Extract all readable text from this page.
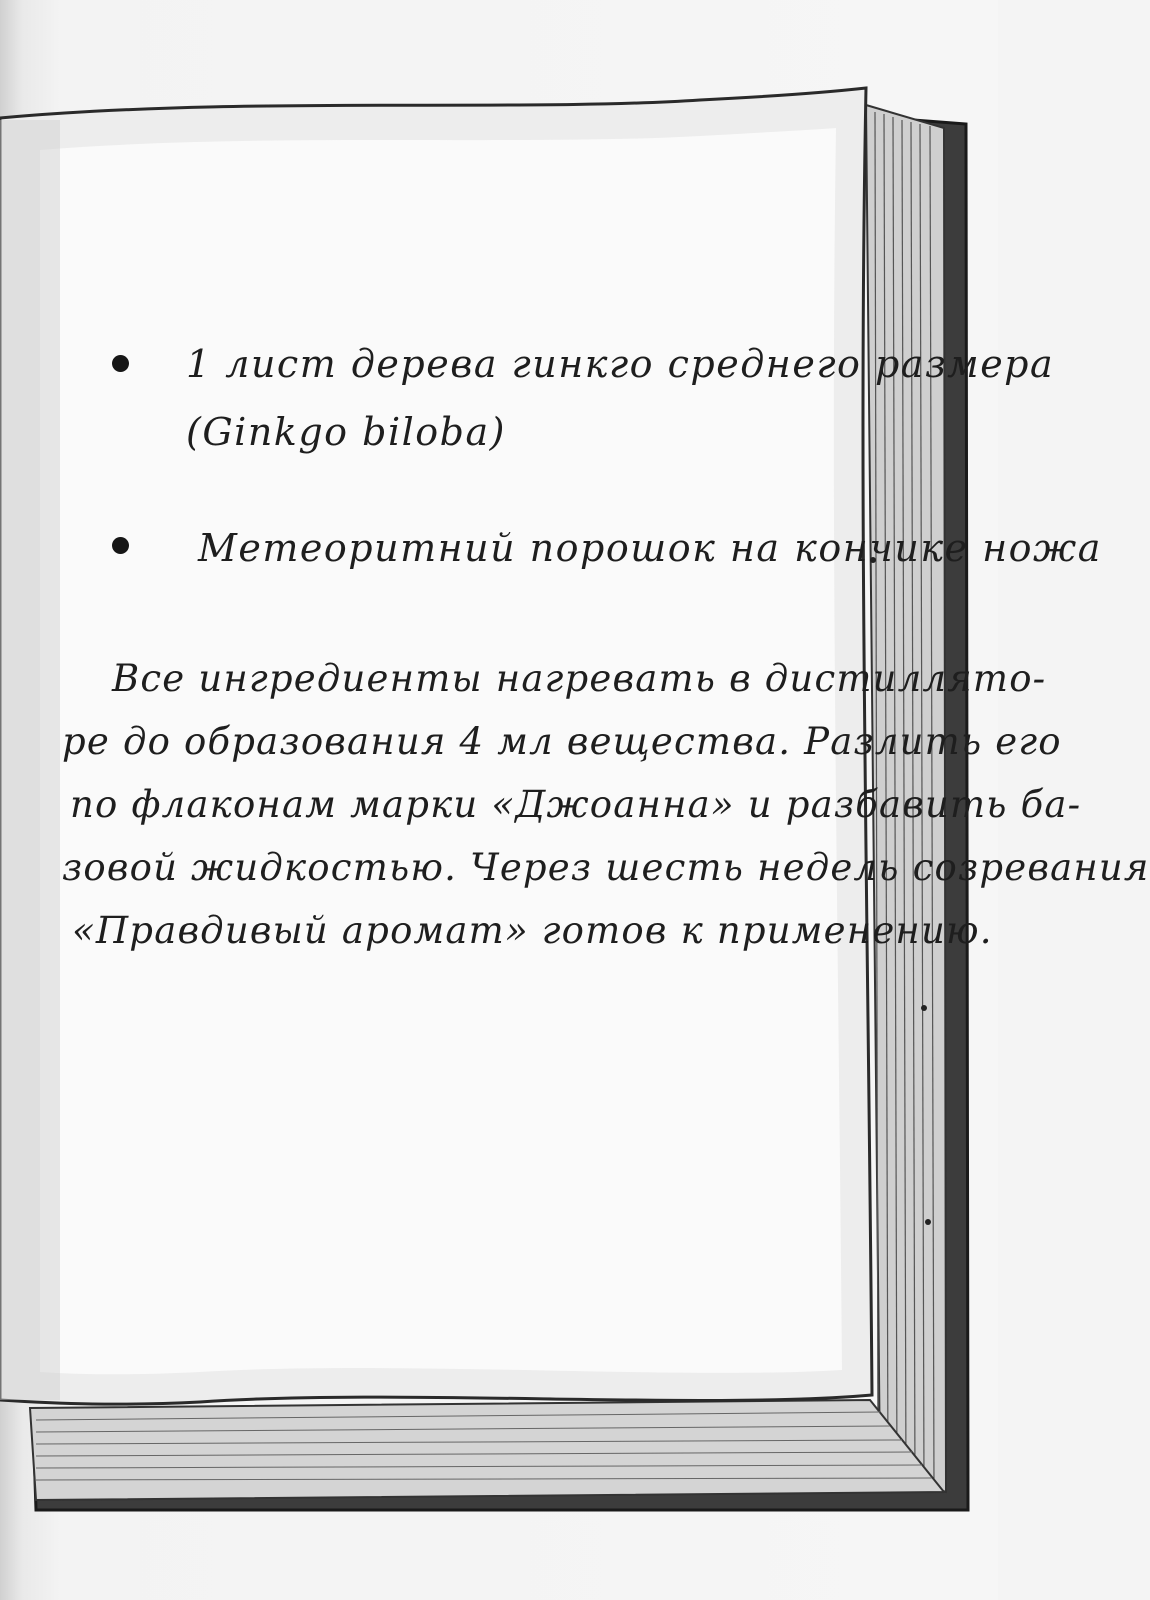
1 лист дерева гинкго среднего размера
(Ginkgo biloba)
Метеоритний порошок на кончике ножа
Все ингредиенты нагревать в дистиллято-
ре до образования 4 мл вещества. Разлить его
по флаконам марки «Джоанна» и разбавить ба-
зовой жидкостью. Через шесть недель созревания
«Правдивый аромат» готов к применению.
